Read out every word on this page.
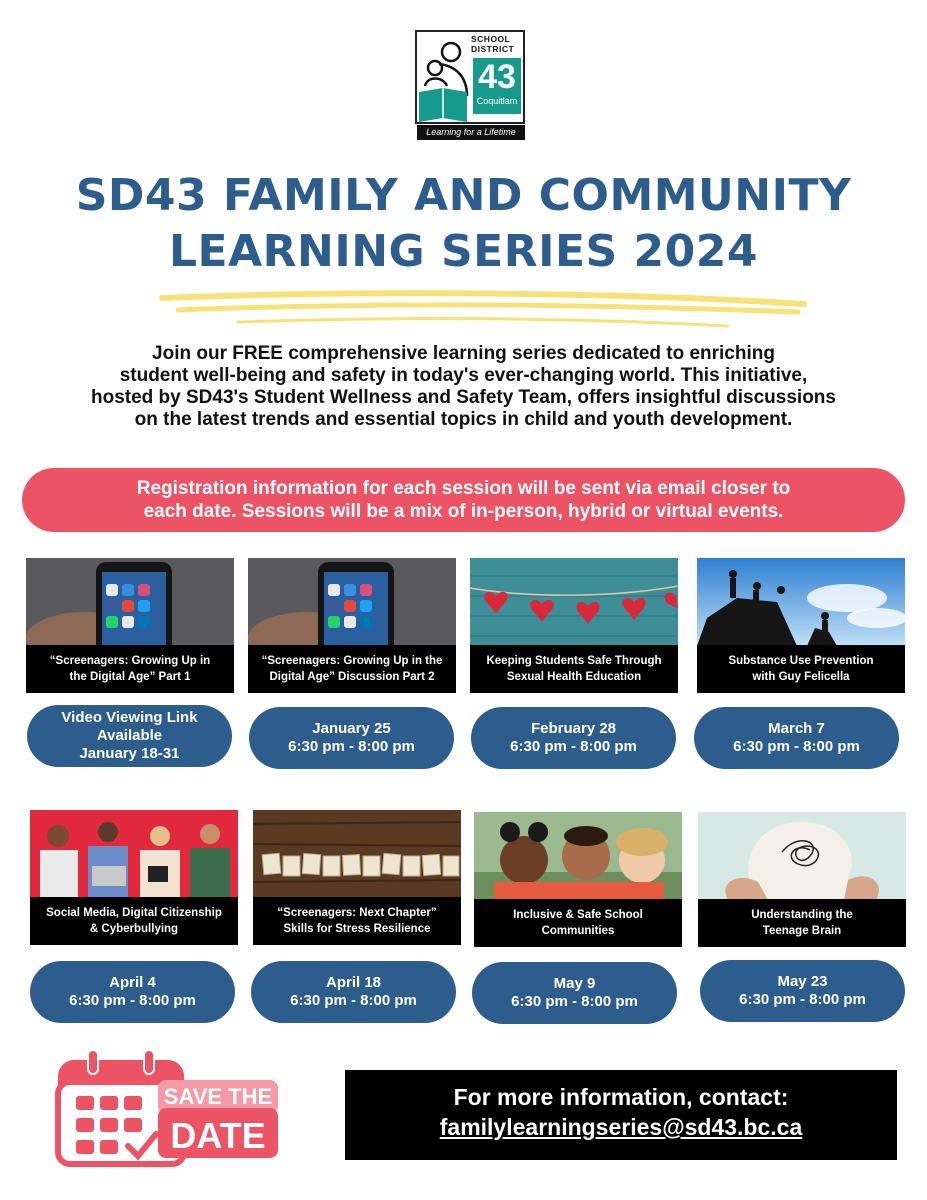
SCHOOL
DISTRICT
43
Coquitlam
Learning for a Lifetime
SD43 FAMILY AND COMMUNITY
LEARNING SERIES 2024
Join our FREE comprehensive learning series dedicated to enriching
student well-being and safety in today's ever-changing world. This initiative,
hosted by SD43's Student Wellness and Safety Team, offers insightful discussions
on the latest trends and essential topics in child and youth development.
Registration information for each session will be sent via email closer to
each date. Sessions will be a mix of in-person, hybrid or virtual events.
“Screenagers: Growing Up in
the Digital Age” Part 1
“Screenagers: Growing Up in the
Digital Age” Discussion Part 2
Keeping Students Safe Through
Sexual Health Education
Substance Use Prevention
with Guy Felicella
Video Viewing Link
Available
January 18-31
January 25
6:30 pm - 8:00 pm
February 28
6:30 pm - 8:00 pm
March 7
6:30 pm - 8:00 pm
Social Media, Digital Citizenship
& Cyberbullying
“Screenagers: Next Chapter”
Skills for Stress Resilience
Inclusive & Safe School
Communities
Understanding the
Teenage Brain
April 4
6:30 pm - 8:00 pm
April 18
6:30 pm - 8:00 pm
May 9
6:30 pm - 8:00 pm
May 23
6:30 pm - 8:00 pm
SAVE THE
DATE
For more information, contact:
familylearningseries@sd43.bc.ca
